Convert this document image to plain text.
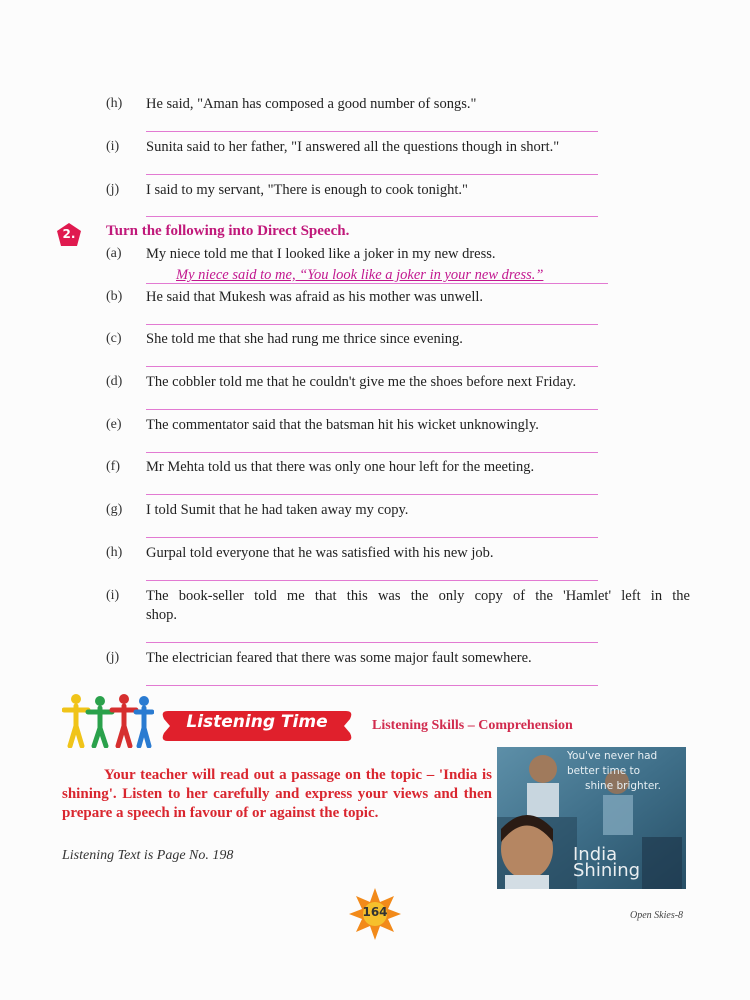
(h) He said, "Aman has composed a good number of songs."
(i) Sunita said to her father, "I answered all the questions though in short."
(j) I said to my servant, "There is enough to cook tonight."
2.	Turn the following into Direct Speech.
(a) My niece told me that I looked like a joker in my new dress.
My niece said to me, “You look like a joker in your new dress.”
(b) He said that Mukesh was afraid as his mother was unwell.
(c) She told me that she had rung me thrice since evening.
(d) The cobbler told me that he couldn't give me the shoes before next Friday.
(e) The commentator said that the batsman hit his wicket unknowingly.
(f) Mr Mehta told us that there was only one hour left for the meeting.
(g) I told Sumit that he had taken away my copy.
(h) Gurpal told everyone that he was satisfied with his new job.
(i) The book-seller told me that this was the only copy of the 'Hamlet' left in the
shop.
(j) The electrician feared that there was some major fault somewhere.
Listening Time	Listening Skills – Comprehension
Your teacher will read out a passage on the topic – 'India is shining'. Listen to her carefully and express your views and then prepare a speech in favour of or against the topic.
Listening Text is Page No. 198
You've never had
better time to
shine brighter.
India
Shining
164	Open Skies-8
